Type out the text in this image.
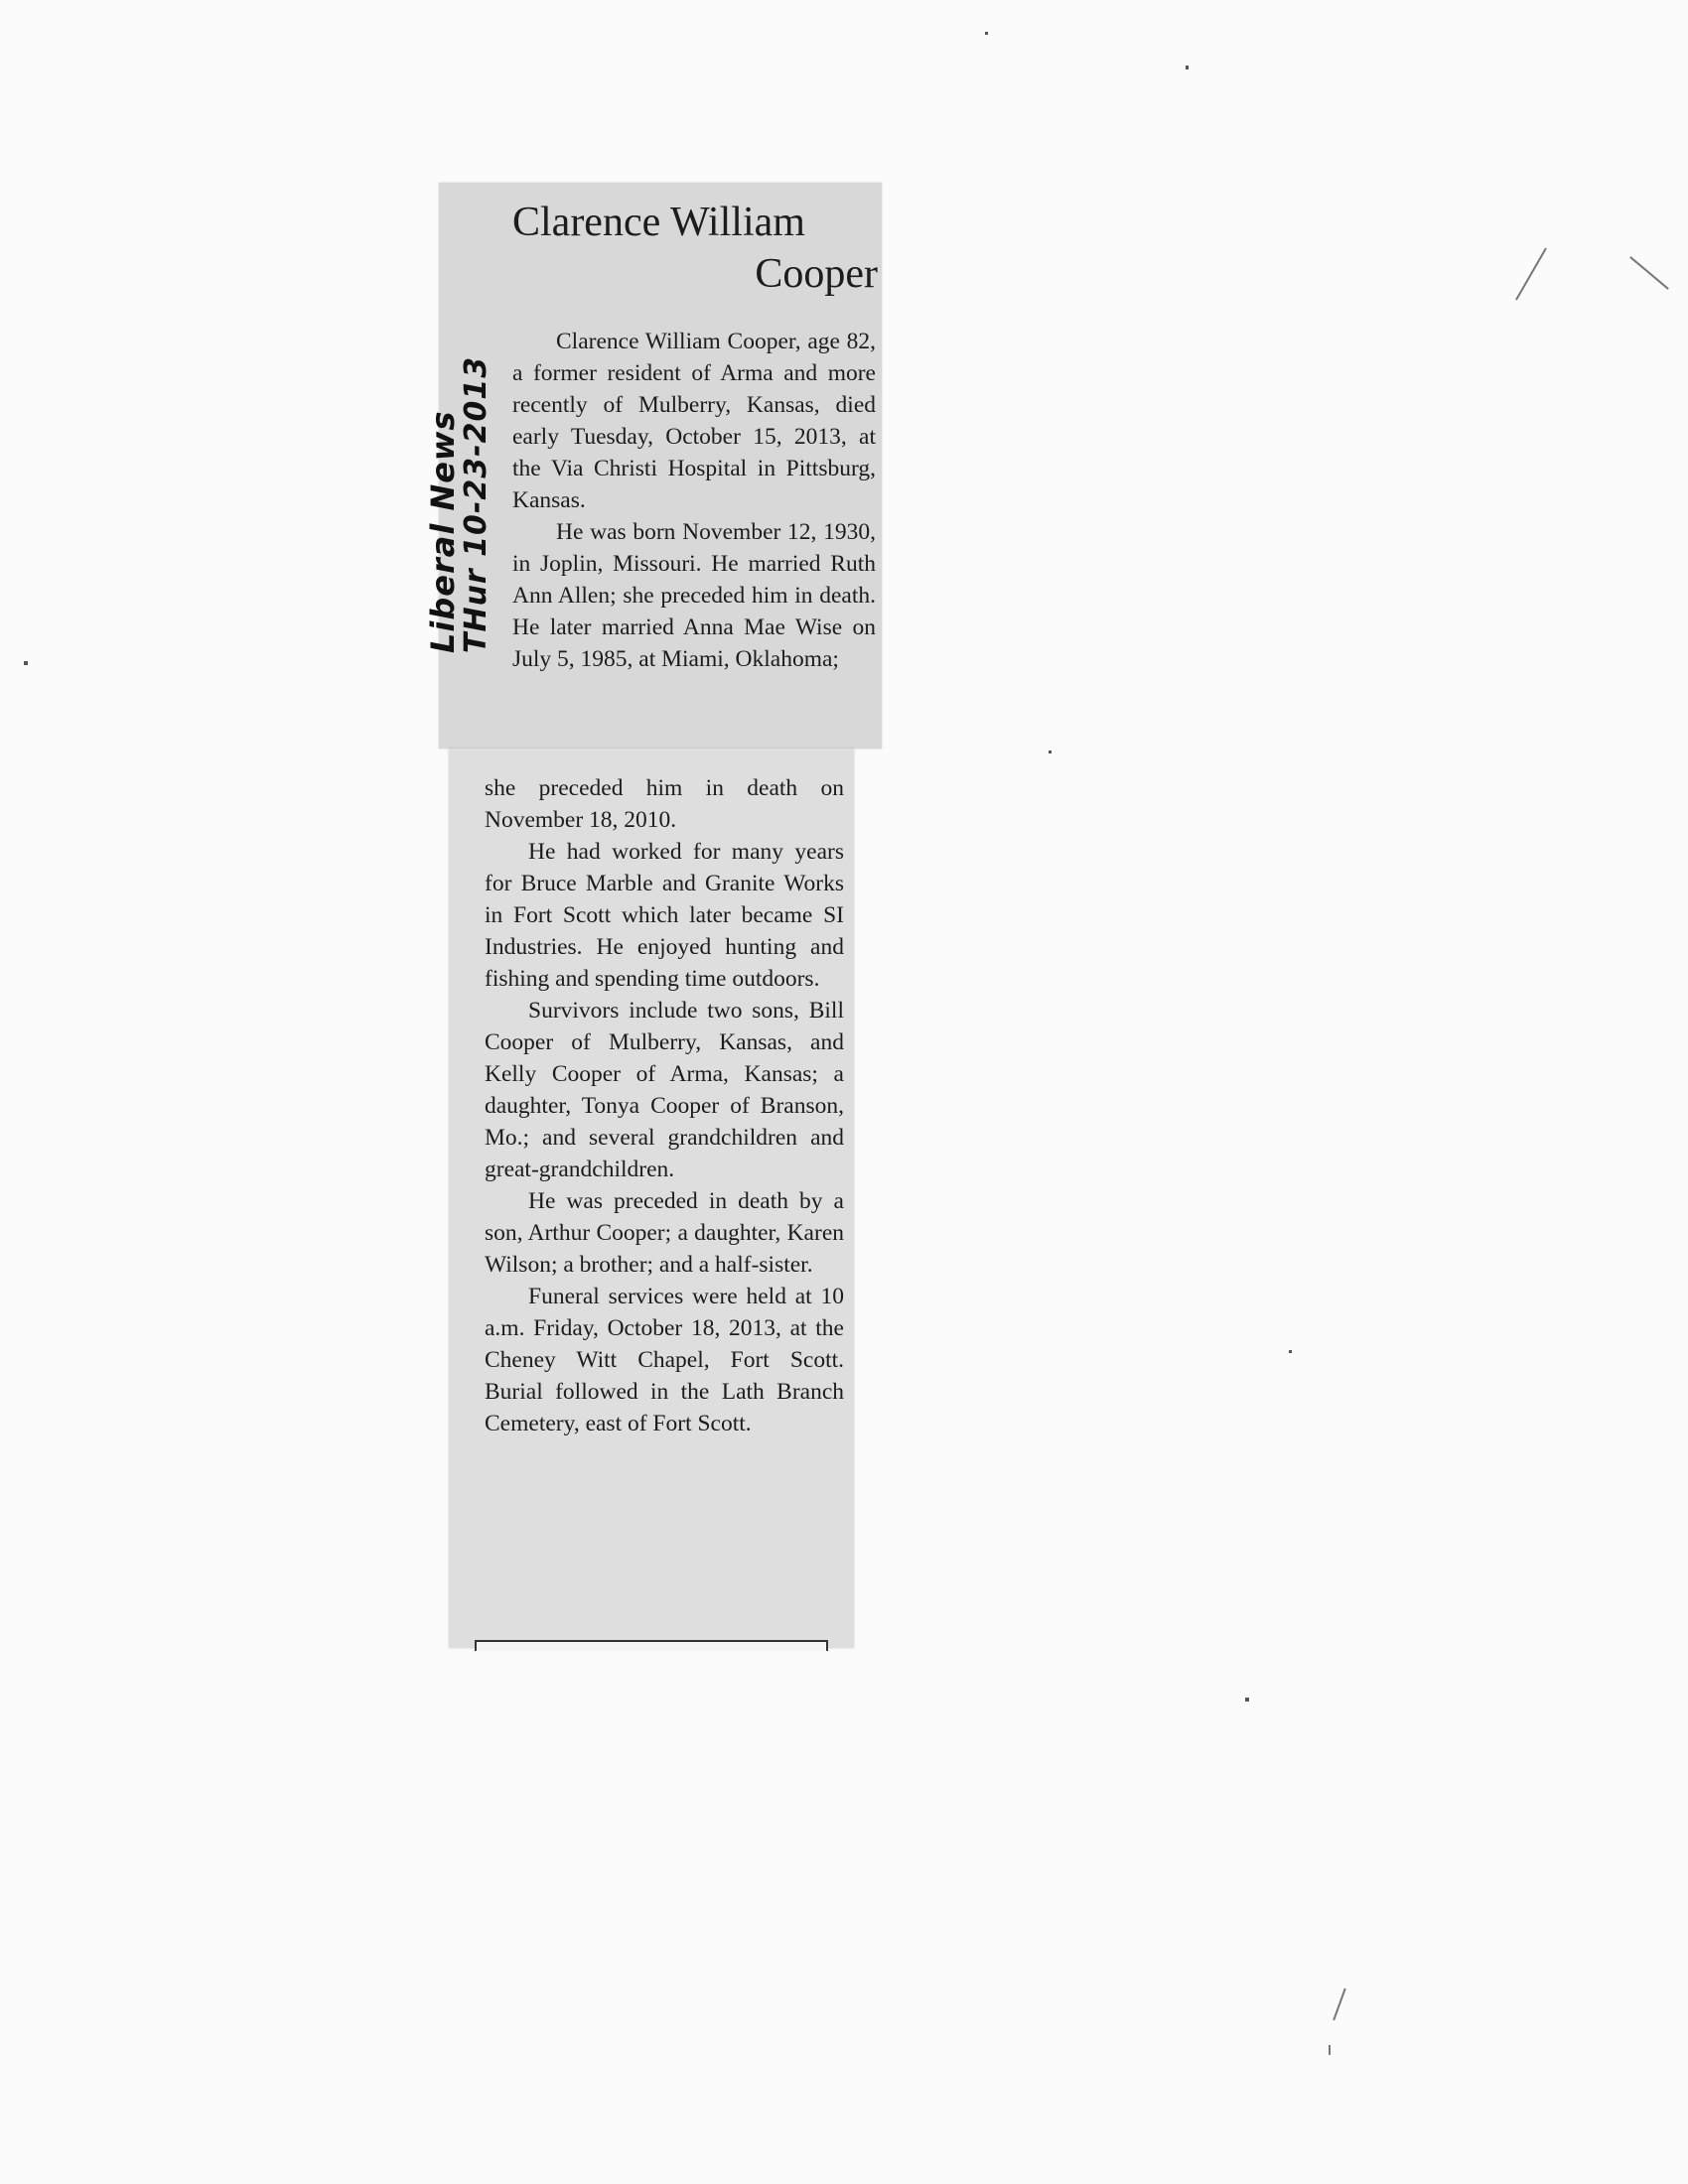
Clarence William
Cooper

Clarence William Cooper, age 82, a former resident of Arma and more recently of Mulberry, Kansas, died early Tuesday, October 15, 2013, at the Via Christi Hospital in Pittsburg, Kansas.

He was born November 12, 1930, in Joplin, Missouri. He married Ruth Ann Allen; she preceded him in death. He later married Anna Mae Wise on July 5, 1985, at Miami, Oklahoma;

she preceded him in death on November 18, 2010.

He had worked for many years for Bruce Marble and Granite Works in Fort Scott which later became SI Industries. He enjoyed hunting and fishing and spending time outdoors.

Survivors include two sons, Bill Cooper of Mulberry, Kansas, and Kelly Cooper of Arma, Kansas; a daughter, Tonya Cooper of Branson, Mo.; and several grandchildren and great-grandchildren.

He was preceded in death by a son, Arthur Cooper; a daughter, Karen Wilson; a brother; and a half-sister.

Funeral services were held at 10 a.m. Friday, October 18, 2013, at the Cheney Witt Chapel, Fort Scott. Burial followed in the Lath Branch Cemetery, east of Fort Scott.

Liberal News
THur 10-23-2013
